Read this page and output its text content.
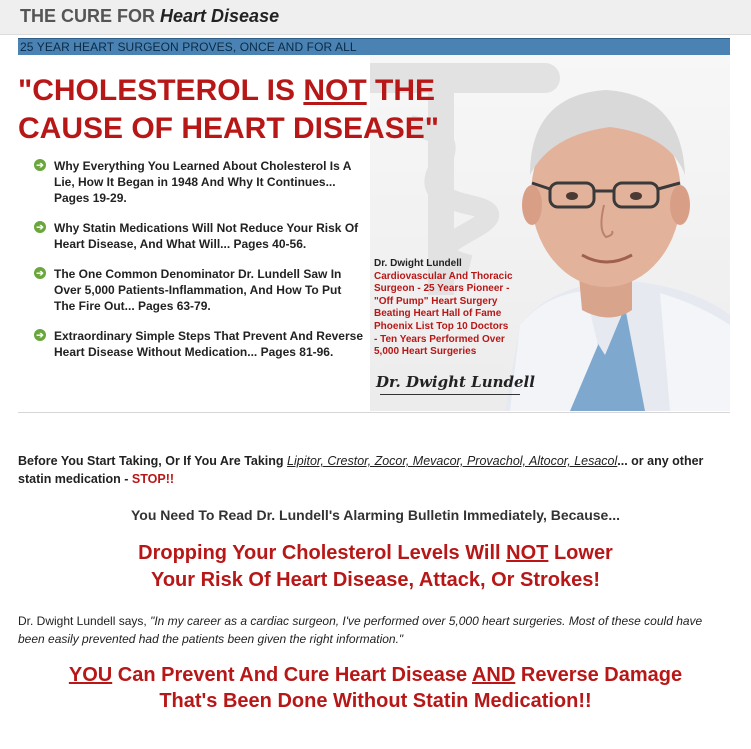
THE CURE FOR Heart Disease
25 YEAR HEART SURGEON PROVES, ONCE AND FOR ALL
"CHOLESTEROL IS NOT THE
CAUSE OF HEART DISEASE"
➔ Why Everything You Learned About Cholesterol Is A Lie, How It Began in 1948 And Why It Continues... Pages 19-29.
➔ Why Statin Medications Will Not Reduce Your Risk Of Heart Disease, And What Will... Pages 40-56.
➔ The One Common Denominator Dr. Lundell Saw In Over 5,000 Patients-Inflammation, And How To Put The Fire Out... Pages 63-79.
➔ Extraordinary Simple Steps That Prevent And Reverse Heart Disease Without Medication... Pages 81-96.
Dr. Dwight Lundell
Cardiovascular And Thoracic Surgeon - 25 Years Pioneer - "Off Pump" Heart Surgery Beating Heart Hall of Fame Phoenix List Top 10 Doctors - Ten Years Performed Over 5,000 Heart Surgeries
Dr. Dwight Lundell
Before You Start Taking, Or If You Are Taking Lipitor, Crestor, Zocor, Mevacor, Provachol, Altocor, Lesacol... or any other statin medication - STOP!!
You Need To Read Dr. Lundell's Alarming Bulletin Immediately, Because...
Dropping Your Cholesterol Levels Will NOT Lower
Your Risk Of Heart Disease, Attack, Or Strokes!
Dr. Dwight Lundell says, "In my career as a cardiac surgeon, I've performed over 5,000 heart surgeries. Most of these could have been easily prevented had the patients been given the right information."
YOU Can Prevent And Cure Heart Disease AND Reverse Damage
That's Been Done Without Statin Medication!!
